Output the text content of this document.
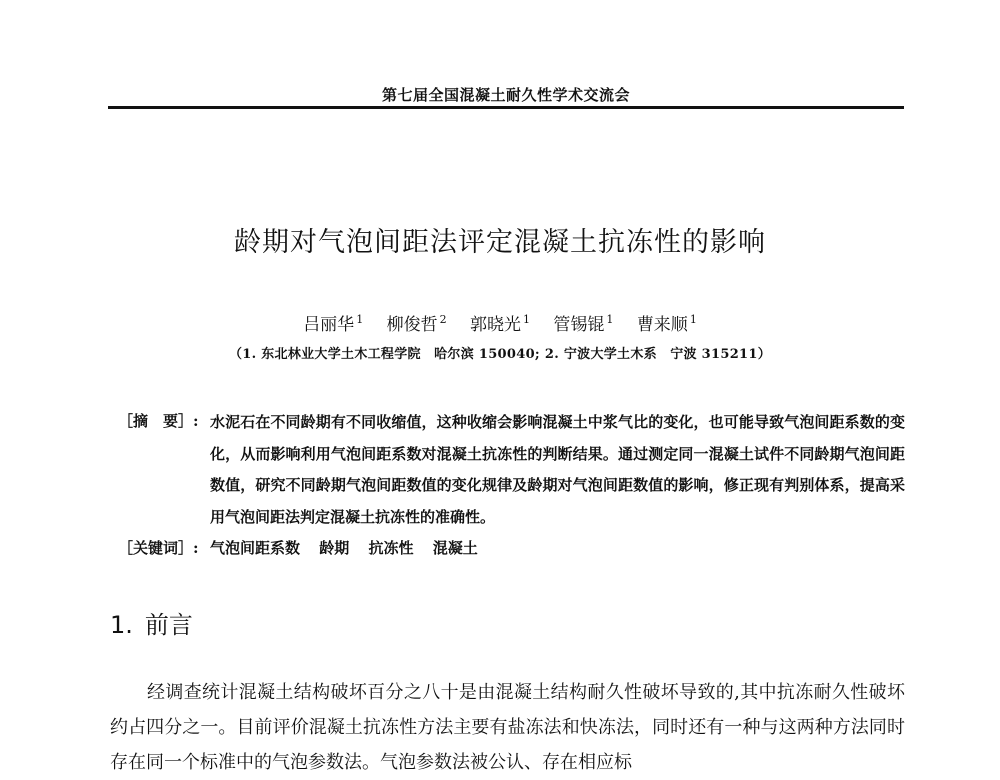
第七届全国混凝土耐久性学术交流会
龄期对气泡间距法评定混凝土抗冻性的影响
吕丽华 $^1$ 柳俊哲 $^2$ 郭晓光 $^1$ 管锡锟 $^1$ 曹来顺 $^1$
（1. 东北林业大学土木工程学院　哈尔滨 150040; 2. 宁波大学土木系　宁波 315211）
［摘　要］: 水泥石在不同龄期有不同收缩值，这种收缩会影响混凝土中浆气比的变化，也可能导致气泡间距系数的变化，从而影响利用气泡间距系数对混凝土抗冻性的判断结果。通过测定同一混凝土试件不同龄期气泡间距数值，研究不同龄期气泡间距数值的变化规律及龄期对气泡间距数值的影响，修正现有判别体系，提高采用气泡间距法判定混凝土抗冻性的准确性。
［关键词］: 气泡间距系数 龄期 抗冻性 混凝土
1. 前言
经调查统计混凝土结构破坏百分之八十是由混凝土结构耐久性破坏导致的,其中抗冻耐久性破坏约占四分之一。目前评价混凝土抗冻性方法主要有盐冻法和快冻法，同时还有一种与这两种方法同时存在同一个标准中的气泡参数法。气泡参数法被公认、存在相应标
